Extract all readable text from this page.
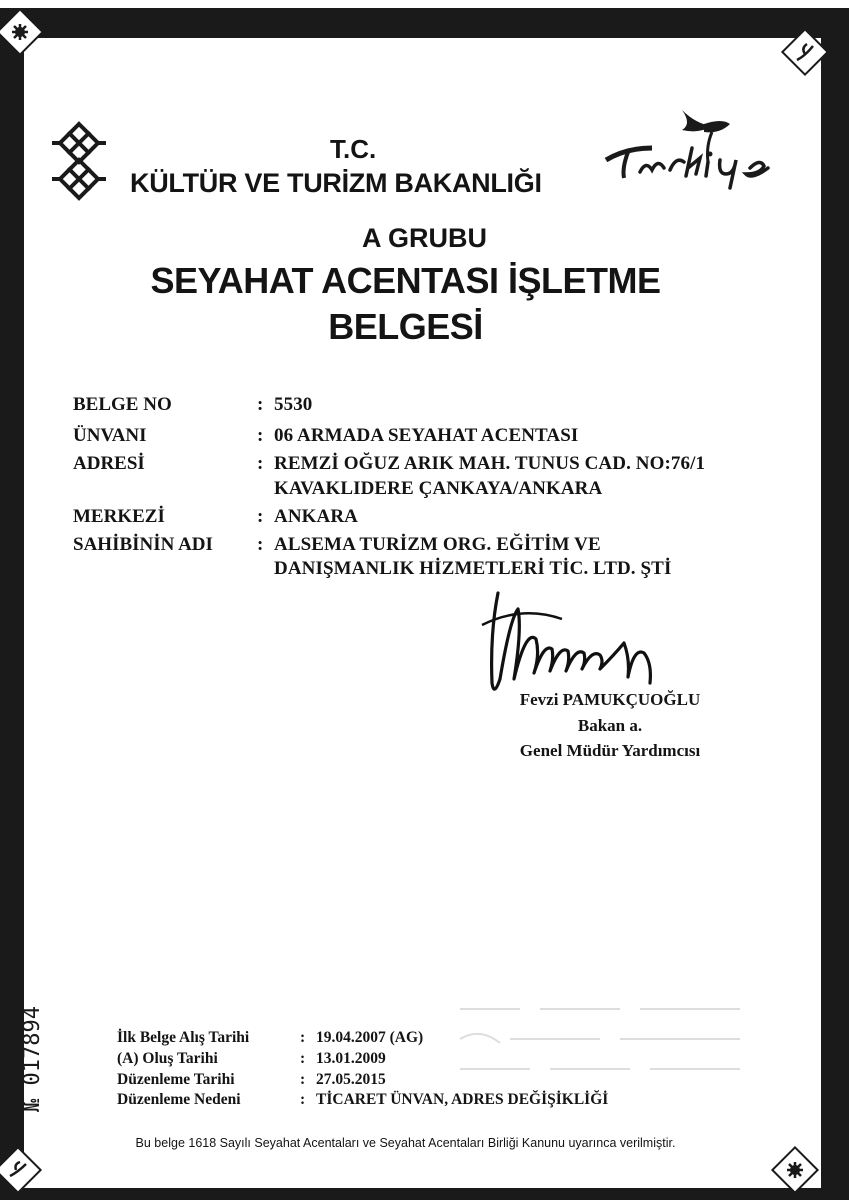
T.C.
KÜLTÜR VE TURİZM BAKANLIĞI
A GRUBU
SEYAHAT ACENTASI İŞLETME
BELGESİ
BELGE NO	: 5530
ÜNVANI	: 06 ARMADA SEYAHAT ACENTASI
ADRESİ	: REMZİ OĞUZ ARIK MAH. TUNUS CAD. NO:76/1
KAVAKLIDERE ÇANKAYA/ANKARA
MERKEZİ	: ANKARA
SAHİBİNİN ADI : ALSEMA TURİZM ORG. EĞİTİM VE
DANIŞMANLIK HİZMETLERİ TİC. LTD. ŞTİ
Fevzi PAMUKÇUOĞLU
Bakan a.
Genel Müdür Yardımcısı
№ 017894	İlk Belge Alış Tarihi	: 19.04.2007 (AG)
(A) Oluş Tarihi	: 13.01.2009
Düzenleme Tarihi	: 27.05.2015
Düzenleme Nedeni	: TİCARET ÜNVAN, ADRES DEĞİŞİKLİĞİ
Bu belge 1618 Sayılı Seyahat Acentaları ve Seyahat Acentaları Birliği Kanunu uyarınca verilmiştir.
